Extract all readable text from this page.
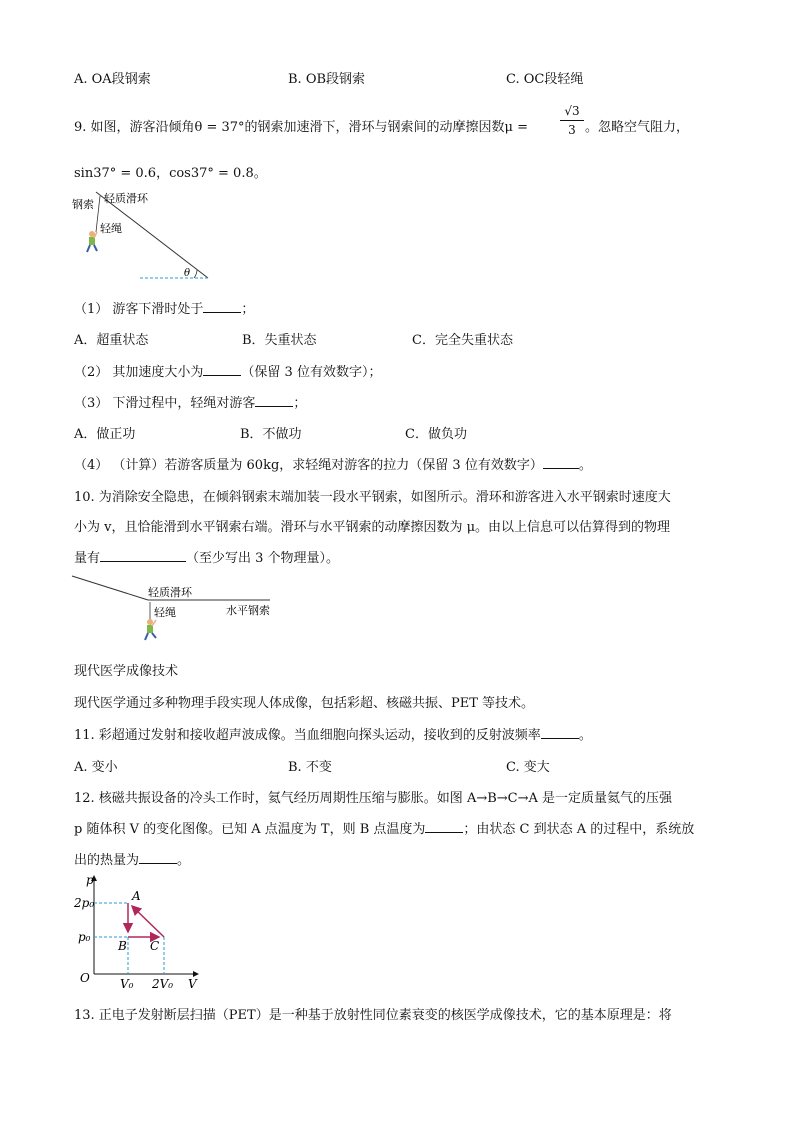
A. OA段钢索	B. OB段钢索	C. OC段轻绳
9. 如图，游客沿倾角θ = 37°的钢索加速滑下，滑环与钢索间的动摩擦因数μ =	$\frac{√3}{3}$ 。忽略空气阻力，
sin37° = 0.6，cos37° = 0.8。
θ
钢索 轻质滑环
轻绳
（1） 游客下滑时处于	；
A．超重状态	B．失重状态	C．完全失重状态
（2） 其加速度大小为	（保留 3 位有效数字）；
（3） 下滑过程中，轻绳对游客	；
A．做正功	B．不做功	C．做负功
（4） （计算）若游客质量为 60kg，求轻绳对游客的拉力（保留 3 位有效数字）	。
10. 为消除安全隐患，在倾斜钢索末端加装一段水平钢索，如图所示。滑环和游客进入水平钢索时速度大
小为 v，且恰能滑到水平钢索右端。滑环与水平钢索的动摩擦因数为 μ。由以上信息可以估算得到的物理
量有	（至少写出 3 个物理量）。
轻质滑环
轻绳	水平钢索
现代医学成像技术
现代医学通过多种物理手段实现人体成像，包括彩超、核磁共振、PET 等技术。
11. 彩超通过发射和接收超声波成像。当血细胞向探头运动，接收到的反射波频率	。
A. 变小	B. 不变	C. 变大
12. 核磁共振设备的冷头工作时，氦气经历周期性压缩与膨胀。如图 A→B→C→A 是一定质量氦气的压强
p 随体积 V 的变化图像。已知 A 点温度为 T，则 B 点温度为	；由状态 C 到状态 A 的过程中，系统放
出的热量为	。
p
V
O
2p₀
p₀
V₀ 2V₀
A
B C
13. 正电子发射断层扫描（PET）是一种基于放射性同位素衰变的核医学成像技术，它的基本原理是：将
